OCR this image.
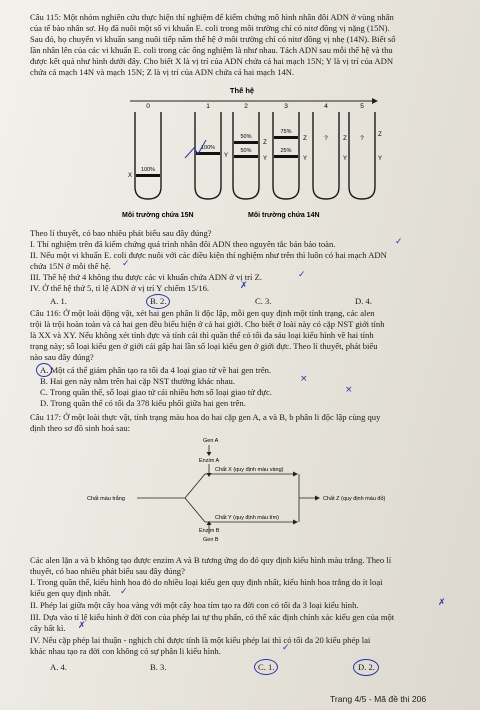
Câu 115: Một nhóm nghiên cứu thực hiện thí nghiệm để kiểm chứng mô hình nhân đôi ADN ở vùng nhân
của tế bào nhân sơ. Họ đã nuôi một số vi khuẩn E. coli trong môi trường chỉ có nitơ đồng vị nặng (15N).
Sau đó, họ chuyển vi khuẩn sang nuôi tiếp năm thế hệ ở môi trường chỉ có nitơ đồng vị nhẹ (14N). Biết số
lần nhân lên của các vi khuẩn E. coli trong các ống nghiệm là như nhau. Tách ADN sau mỗi thế hệ và thu
được kết quả như hình dưới đây. Cho biết X là vị trí của ADN chứa cả hai mạch 15N; Y là vị trí của ADN
chứa cả mạch 14N và mạch 15N; Z là vị trí của ADN chứa cả hai mạch 14N.
Thế hệ
0	1	2	3	4	5
100%
X
100%
Y
50%
50%
Z
Y
75%
25%
Z
Y
Z
?
Y
Z
?
Y
Môi trường chứa 15N	Môi trường chứa 14N
Theo lí thuyết, có bao nhiêu phát biểu sau đây đúng?
I. Thí nghiệm trên đã kiểm chứng quá trình nhân đôi ADN theo nguyên tắc bán bảo toàn.
II. Nếu một vi khuẩn E. coli được nuôi với các điều kiện thí nghiệm như trên thì luôn có hai mạch ADN
chứa 15N ở mỗi thế hệ.
III. Thế hệ thứ 4 không thu được các vi khuẩn chứa ADN ở vị trí Z.
IV. Ở thế hệ thứ 5, tỉ lệ ADN ở vị trí Y chiếm 15/16.
✓
✓
✓
✗
A. 1.	B. 2.	C. 3.	D. 4.
Câu 116: Ở một loài động vật, xét hai gen phân li độc lập, mỗi gen quy định một tính trạng, các alen
trội là trội hoàn toàn và cả hai gen đều biểu hiện ở cả hai giới. Cho biết ở loài này có cặp NST giới tính
là XX và XY. Nếu không xét tính đực và tính cái thì quần thể có tối đa sáu loại kiểu hình về hai tính
trạng này; số loại kiểu gen ở giới cái gấp hai lần số loại kiểu gen ở giới đực. Theo lí thuyết, phát biểu
nào sau đây đúng?
A. Một cá thể giảm phân tạo ra tối đa 4 loại giao tử về hai gen trên.
B. Hai gen này nằm trên hai cặp NST thường khác nhau.
C. Trong quần thể, số loại giao tử cái nhiều hơn số loại giao tử đực.
D. Trong quần thể có tối đa 378 kiểu phối giữa hai gen trên.
×
×
Câu 117: Ở một loài thực vật, tính trạng màu hoa do hai cặp gen A, a và B, b phân li độc lập cùng quy
định theo sơ đồ sinh hoá sau:
Gen A
Enzim A
Chất màu trắng
Chất X (quy định màu vàng)
Chất Y (quy định màu tím)
Chất Z (quy định màu đỏ)
Enzim B
Gen B
Các alen lặn a và b không tạo được enzim A và B tương ứng do đó quy định kiểu hình màu trắng. Theo lí
thuyết, có bao nhiêu phát biểu sau đây đúng?
I. Trong quần thể, kiểu hình hoa đỏ do nhiều loại kiểu gen quy định nhất, kiểu hình hoa trắng do ít loại
kiểu gen quy định nhất.
II. Phép lai giữa một cây hoa vàng với một cây hoa tím tạo ra đời con có tối đa 3 loại kiểu hình.
III. Dựa vào tỉ lệ kiểu hình ở đời con của phép lai tự thụ phấn, có thể xác định chính xác kiểu gen của một
cây bất kì.
IV. Nếu cặp phép lai thuận - nghịch chỉ được tính là một kiểu phép lai thì có tối đa 20 kiểu phép lai
khác nhau tạo ra đời con không có sự phân li kiểu hình.
✓
✗
✗
✓
A. 4.	B. 3.	C. 1.	D. 2.
Trang 4/5 - Mã đề thi 206
